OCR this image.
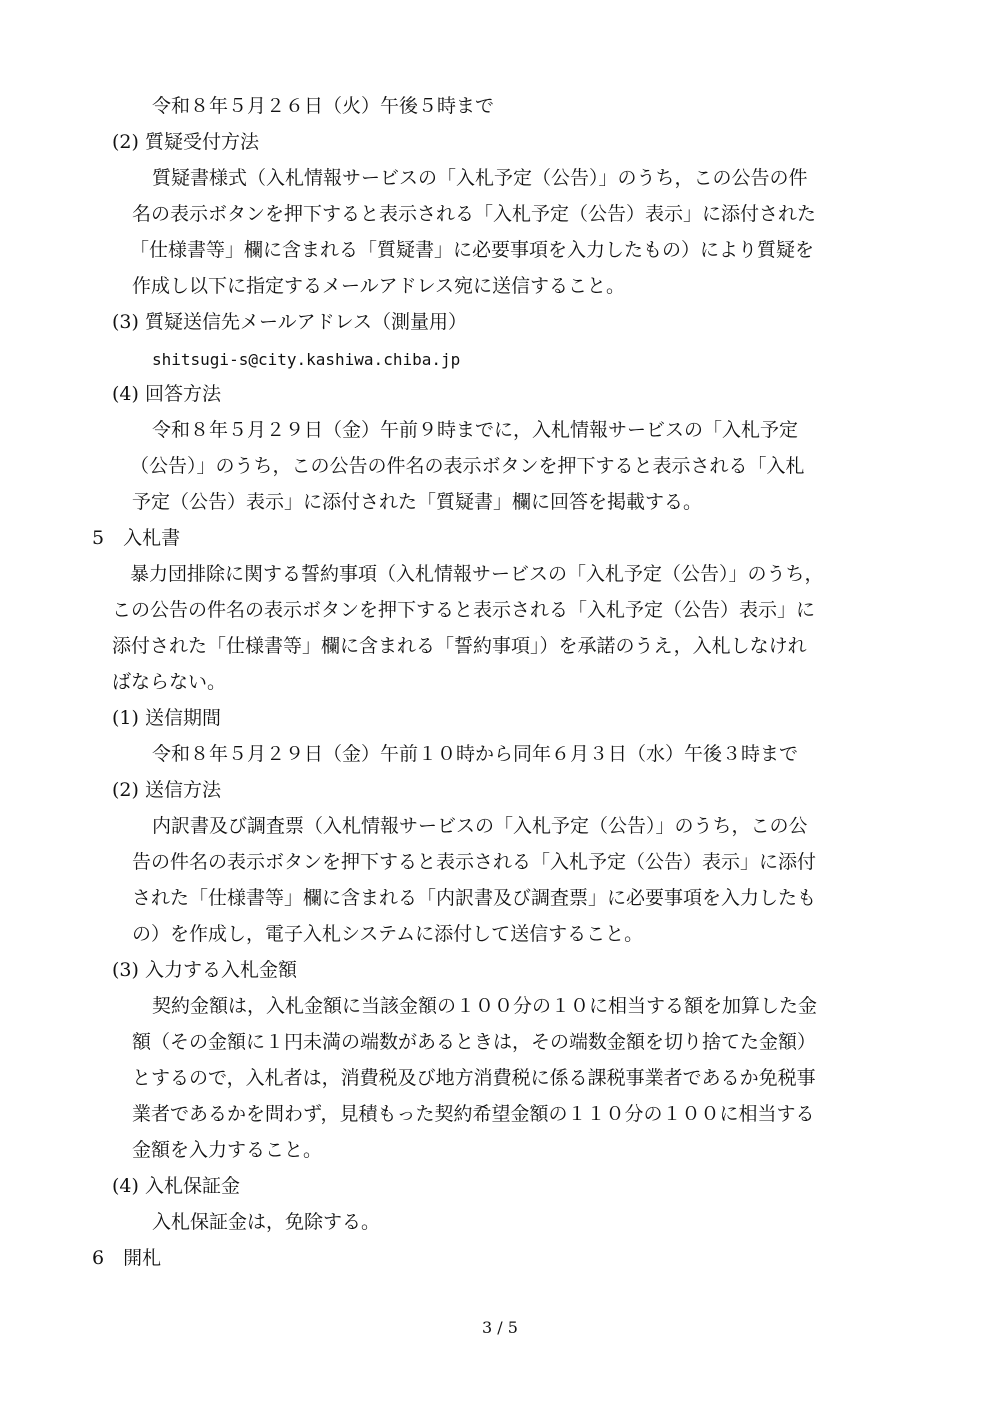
令和８年５月２６日（火）午後５時まで
(2) 質疑受付方法
質疑書様式（入札情報サービスの「入札予定（公告）」のうち，この公告の件
名の表示ボタンを押下すると表示される「入札予定（公告）表示」に添付された
「仕様書等」欄に含まれる「質疑書」に必要事項を入力したもの）により質疑を
作成し以下に指定するメールアドレス宛に送信すること。
(3) 質疑送信先メールアドレス（測量用）
shitsugi-s@city.kashiwa.chiba.jp
(4) 回答方法
令和８年５月２９日（金）午前９時までに，入札情報サービスの「入札予定
（公告）」のうち，この公告の件名の表示ボタンを押下すると表示される「入札
予定（公告）表示」に添付された「質疑書」欄に回答を掲載する。
5　入札書
暴力団排除に関する誓約事項（入札情報サービスの「入札予定（公告）」のうち，
この公告の件名の表示ボタンを押下すると表示される「入札予定（公告）表示」に
添付された「仕様書等」欄に含まれる「誓約事項」）を承諾のうえ，入札しなけれ
ばならない。
(1) 送信期間
令和８年５月２９日（金）午前１０時から同年６月３日（水）午後３時まで
(2) 送信方法
内訳書及び調査票（入札情報サービスの「入札予定（公告）」のうち，この公
告の件名の表示ボタンを押下すると表示される「入札予定（公告）表示」に添付
された「仕様書等」欄に含まれる「内訳書及び調査票」に必要事項を入力したも
の）を作成し，電子入札システムに添付して送信すること。
(3) 入力する入札金額
契約金額は，入札金額に当該金額の１００分の１０に相当する額を加算した金
額（その金額に１円未満の端数があるときは，その端数金額を切り捨てた金額）
とするので，入札者は，消費税及び地方消費税に係る課税事業者であるか免税事
業者であるかを問わず，見積もった契約希望金額の１１０分の１００に相当する
金額を入力すること。
(4) 入札保証金
入札保証金は，免除する。
6　開札
3 / 5
